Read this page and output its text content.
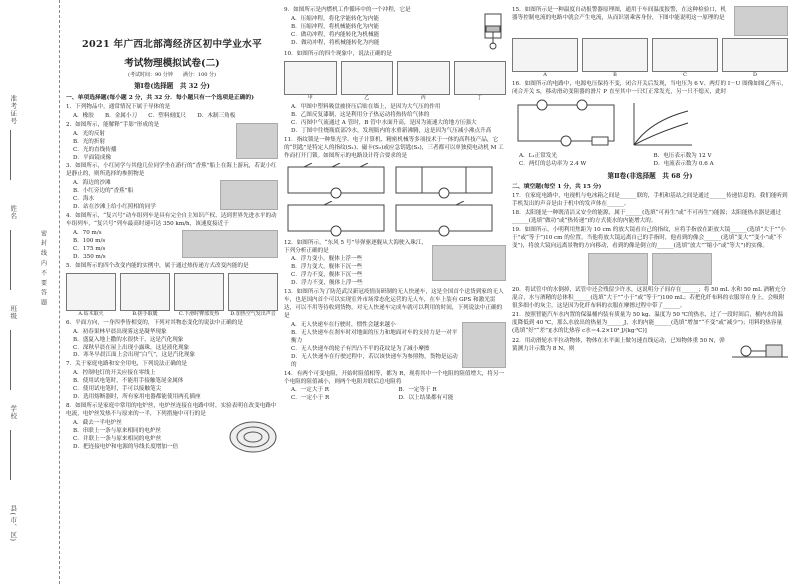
准考证号
姓名
班级
学校
县(市、区)
密 封 线 内 不 要 答 题
2021 年广西北部湾经济区初中学业水平
考试物理模拟试卷(二)
(考试时间：90 分钟　　满分：100 分)
第Ⅰ卷(选择题　共 32 分)
一、单项选择题(每小题 2 分，共 32 分．每小题只有一个选项是正确的)
1．下列物品中，通常情况下属于导体的是
A．橡胶　　B．金属小刀　　C．塑料刻度尺　　D．木制三角板
2．如图所示，能解释“手影”形成的是
A．光的反射
B．光的折射
C．光的直线传播
D．平面镜成像
3．如图所示，小红同学与其他几位同学坐在游行的“香蕉”船上在海上游玩，若说小红是静止的，则所选择的参照物是
A．海边的沙滩
B．小红旁边的“香蕉”船
C．海水
D．站在沙滩上给小红照相的同学
4．如图所示，“复兴号”动车组列车是具有完全自主知识产权、达到世界先进水平的动车组列车，“复兴号”列车最高时速可达 350 km/h，该速度接近于
A．70 m/s
B．100 m/s
C．175 m/s
D．350 m/s
5．如图所示的四个改变内能的实例中，属于通过热传递方式改变内能的是
A.钻木取火	B.搓手取暖	C.下滑时臀部发热	D.加热空气发出声音
6．平面方向，一身四季皆相变的，下列对其物态变化的说法中正确的是
A．初春果林早晨出现雾这是凝华现象
B．盛夏入地上撒的水很快干，这是汽化现象
C．深秋早晨在屋上出现小露珠，这是液化现象
D．寒冬早晨江面上会出现“白气”，这是汽化现象
7．关于家庭电路和安全用电，下列说法正确的是
A．控制电灯的开关应接在零线上
B．使用试电笔时，不能用手接触笔尾金属体
C．使用试电笔时，手可以接触笔尖
D．选用熔断器时，所有家用电器都能使用两孔插座
8．如图所示是家庭中常用的电炉丝，电炉丝连接在电路中时，实验表明在改变电路中电流，电炉丝发热不与原来的一半，下列措施中可行的是
A．截去一半电炉丝
B．串联上一条与原来相同的电炉丝
C．并联上一条与原来相同的电炉丝
D．把连接电炉和电源的导线长度增加一倍
9．如图所示是内燃机工作循环中的一个冲程，它是
A．压缩冲程，将化学能转化为内能
B．压缩冲程，将机械能转化为内能
C．做功冲程，将内能转化为机械能
D．做功冲程，将机械能转化为内能
10．如图所示的四个现象中，说法正确的是
甲	乙	丙	丁
A．甲图中塑料吸盘被挤压后贴在墙上，是因为大气压的作用
B．乙图反复漆制，这是利用分子热运动将热传给气体的
C．丙图中气流通过 A 管时，B 管中水面升高，是因为流速大的地方压强大
D．丁图中往烧瓶底部冷水，发现瓶内的水重新沸腾，这是因为气压减小沸点升高
11．指纹锁是一种集光学、电子计算机、精密机械等多项技术于一体的高科技产品，它的“钥匙”是特定人的指纹(S₁)、磁卡(S₂)或应急钥匙(S₃)，三者都可以单独使电动机 M 工作而打开门锁。如图所示的电路设计符合要求的是
12．如图所示，“东风 5 号”导弹驱逐舰从大海驶入珠江，下列分析正确的是
A．浮力变小，舰体上浮一些
B．浮力变大，舰体下沉一些
C．浮力不变，舰体下沉一些
D．浮力不变，舰体上浮一些
13．如图所示为了防范武汉新冠疫情而研制的无人快递车，这是全国首个送货到家的无人车，也是国内首个可以实现室外市场常态化运营的无人车，在车上装有 GPS 和激光雷达，可以不用等待收到货物，对无人快递车完成车就可以利用的时间，下列说法中正确的是
A．无人快递车在行驶时，惯性会越来越小
B．无人快递车在刹车时对地面的压力和地面对车的支持力是一对平衡力
C．无人快递车的轮子有凹凸不平的花纹是为了减小摩擦
D．无人快递车在行驶过程中，若以该快递车为参照物，货物是运动的
14．有两个可变电阻，开始时阻值相等，都为 R，现将其中一个电阻的阻值增大，将另一个电阻的阻值减小，则两个电阻并联后总电阻将
A．一定大于 R	B．一定等于 R
C．一定小于 R	D．以上结果都有可能
15．如图所示是一种温度自动报警器原理图，通用于车间温度报警，在这种检验口，机器等控制电流的电路中就会产生电流，从而识别乘客身份，下图中能说明这一原理的是
A	B	C	D
16．如图所示的电路中，电源电压保持不变，闭合开关后发现，当电压为 6 V、两灯的 I－U 图像如图乙所示，闭合开关 S，移动滑动变阻器的滑片 P 直至其中一只灯正常发光，另一只不熄灭，此时
A．L₁正常发光	B．电压表示数为 12 V
C．两灯的总功率为 2.4 W	D．电流表示数为 0.6 A
第Ⅱ卷(非选择题　共 68 分)
二、填空题(每空 1 分，共 15 分)
17．在家庭电路中，电视机与电冰箱之间是______联的，手机和基站之间是通过______传递信息的。我们能听到手机发出的声音是由于机中的发声体在______。
18．太阳能是一种既清洁又安全的能源，属于______(选填“可再生”或“不可再生”)能源；太阳能热水器是通过______(选填“做功”或“热传递”)的方式使水的内能增大的。
19．如图所示，小明利用焦距为 10 cm 的放大镜看自己的指纹，应将手指放在距放大镜______(选填“大于”“小于”或“等于”)10 cm 的位置。当他将放大镜远离自己的手指时，他看到的像会______(选填“变大”“变小”或“不变”)，将放大镜向远离景物的方向移动，看到的像是倒立的______(选填“放大”“缩小”或“等大”)的实像。
20．将试管中的水倒掉，试管中还会残留少许水，这说明分子间存在______；将 50 mL 水和 50 mL 酒精充分混合，水与酒精的总体积______(选填“大于”“小于”或“等于”)100 mL；若把化纤布料的衣服穿在身上，会吸附很多细小的灰尘，这是因为化纤布料的衣服在摩擦过程中带了______。
21．按照智能汽车水内置的保温桶内装有质量为 50 kg、温度为 50 ℃的热水，过了一段时间后，桶内水的温度降低到 40 ℃，那么水放出的热量为______J，水的内能______(选填“增加”“不变”或“减少”)；用料的热容量(选填“好”“差”)[水的比热容 c水＝4.2×10³ J/(kg·℃)]
22．用动滑轮水平拉动物体，物体在水平面上做匀速直线运动，已知物体重 50 N，弹簧测力计示数为 8 N，则
